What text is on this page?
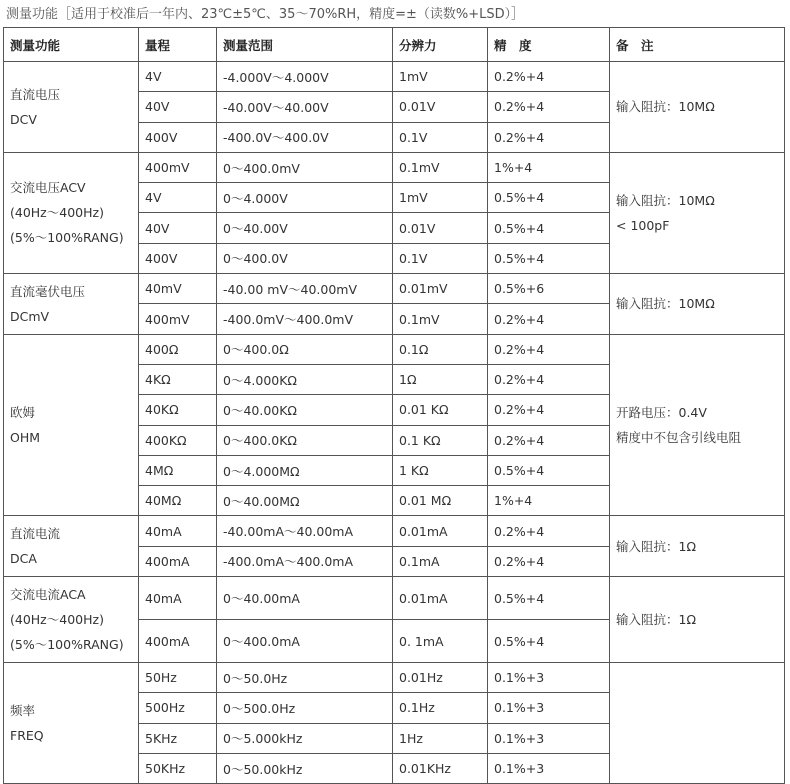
测量功能［适用于校准后一年内、23℃±5℃、35～70%RH，精度=±（读数%+LSD）］
测量功能	量程	测量范围	分辨力	精　度	备　注

直流电压
DCV	4V	-4.000V～4.000V	1mV	0.2%+4	输入阻抗：10MΩ

	40V	-40.00V～40.00V	0.01V	0.2%+4	
	400V	-400.0V～400.0V	0.1V	0.2%+4	

交流电压ACV
(40Hz～400Hz)
(5%～100%RANG)	400mV	0～400.0mV	0.1mV	1%+4	输入阻抗：10MΩ
< 100pF

	4V	0～4.000V	1mV	0.5%+4	
	40V	0～40.00V	0.01V	0.5%+4	
	400V	0～400.0V	0.1V	0.5%+4	

直流毫伏电压
DCmV	40mV	-40.00 mV～40.00mV	0.01mV	0.5%+6	输入阻抗：10MΩ

	400mV	-400.0mV～400.0mV	0.1mV	0.2%+4	

欧姆
OHM	400Ω	0～400.0Ω	0.1Ω	0.2%+4	开路电压：0.4V
精度中不包含引线电阻

	4KΩ	0～4.000KΩ	1Ω	0.2%+4	
	40KΩ	0～40.00KΩ	0.01 KΩ	0.2%+4	
	400KΩ	0～400.0KΩ	0.1 KΩ	0.2%+4	
	4MΩ	0～4.000MΩ	1 KΩ	0.5%+4	
	40MΩ	0～40.00MΩ	0.01 MΩ	1%+4	

直流电流
DCA	40mA	-40.00mA～40.00mA	0.01mA	0.2%+4	输入阻抗：1Ω

	400mA	-400.0mA～400.0mA	0.1mA	0.2%+4	

交流电流ACA
(40Hz～400Hz)
(5%～100%RANG)	40mA	0～40.00mA	0.01mA	0.5%+4	输入阻抗：1Ω

	400mA	0～400.0mA	0. 1mA	0.5%+4	

频率
FREQ	50Hz	0～50.0Hz	0.01Hz	0.1%+3	
	500Hz	0～500.0Hz	0.1Hz	0.1%+3	
	5KHz	0～5.000kHz	1Hz	0.1%+3	
	50KHz	0～50.00kHz	0.01KHz	0.1%+3	
